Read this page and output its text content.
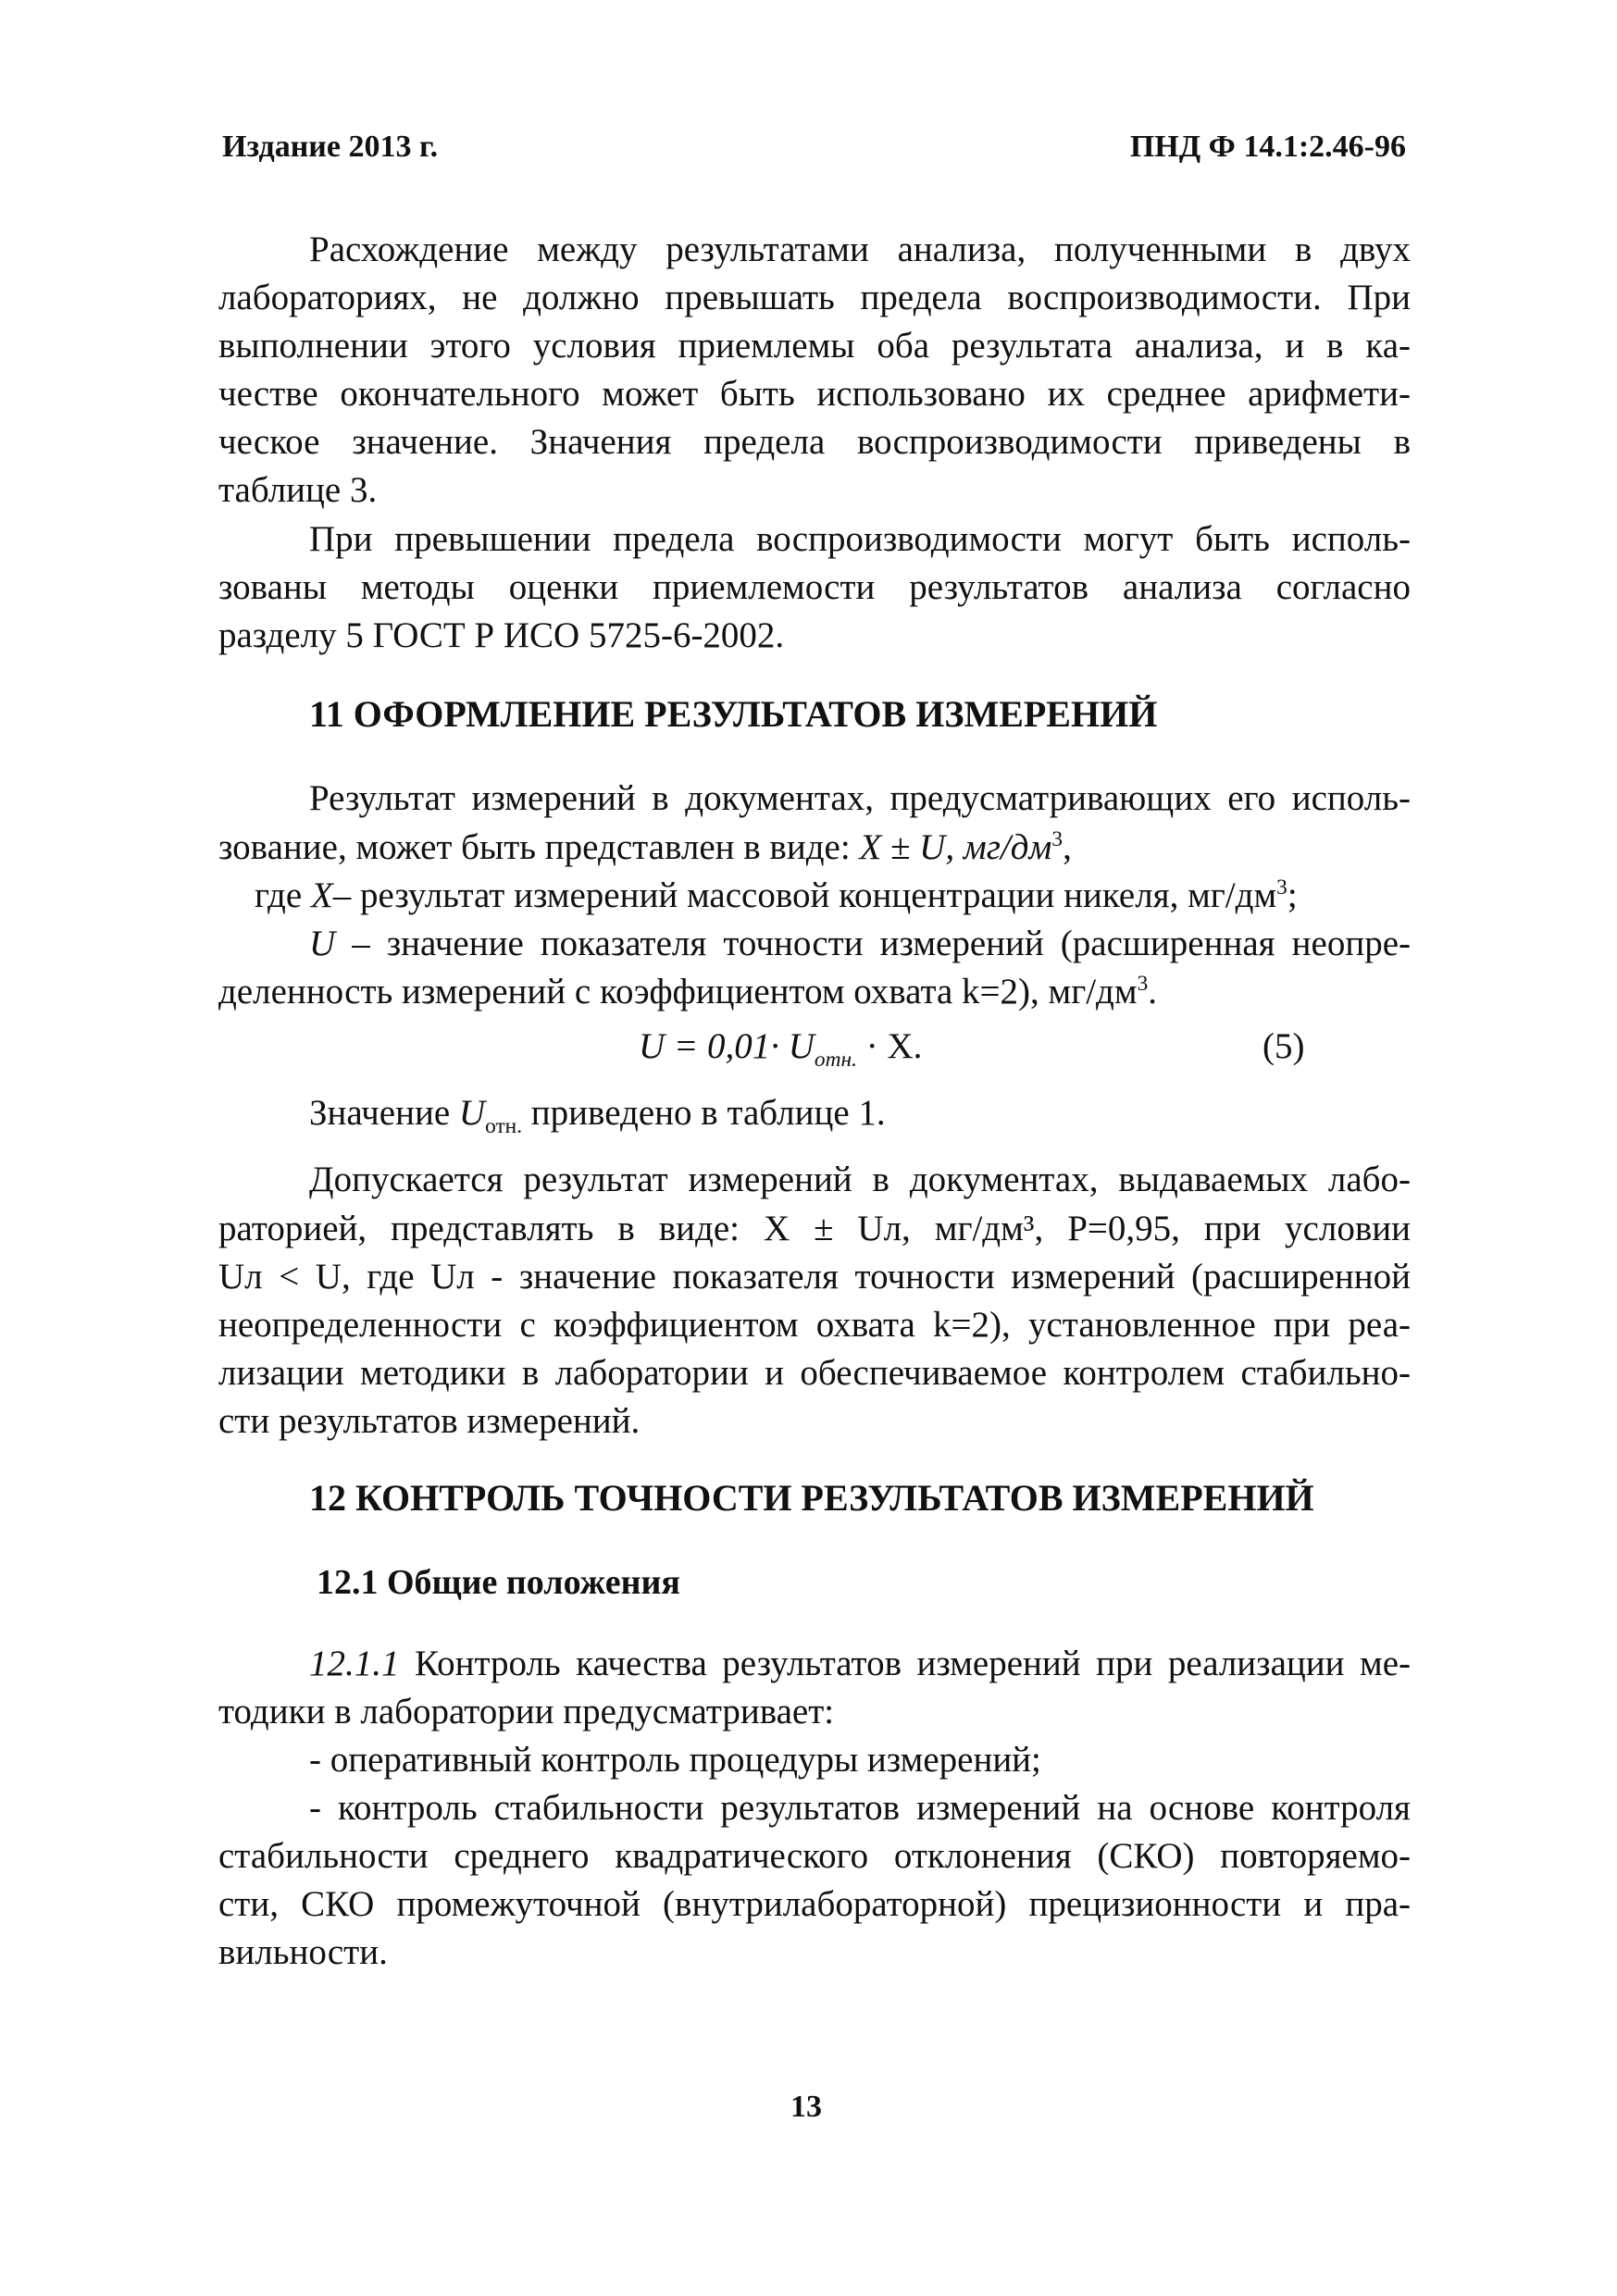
Издание 2013 г.	ПНД Ф 14.1:2.46-96
Расхождение между результатами анализа, полученными в двух
лабораториях, не должно превышать предела воспроизводимости. При
выполнении этого условия приемлемы оба результата анализа, и в ка-
честве окончательного может быть использовано их среднее арифмети-
ческое значение. Значения предела воспроизводимости приведены в
таблице 3.
При превышении предела воспроизводимости могут быть исполь-
зованы методы оценки приемлемости результатов анализа согласно
разделу 5 ГОСТ Р ИСО 5725-6-2002.
11 ОФОРМЛЕНИЕ РЕЗУЛЬТАТОВ ИЗМЕРЕНИЙ
Результат измерений в документах, предусматривающих его исполь-
зование, может быть представлен в виде: X ± U, $мг/дм^3$,
где X– результат измерений массовой концентрации никеля, $мг/дм^3$;
U – значение показателя точности измерений (расширенная неопре-
деленность измерений с коэффициентом охвата k=2), $мг/дм^3$.
$U = 0,01\cdot U_{отн.} \cdot X$.	(5)
Значение $U_{отн.}$ приведено в таблице 1.
Допускается результат измерений в документах, выдаваемых лабо-
раторией, представлять в виде: X ± Uл, мг/дм³, P=0,95, при условии
Uл < U, где Uл - значение показателя точности измерений (расширенной
неопределенности с коэффициентом охвата k=2), установленное при реа-
лизации методики в лаборатории и обеспечиваемое контролем стабильно-
сти результатов измерений.
12 КОНТРОЛЬ ТОЧНОСТИ РЕЗУЛЬТАТОВ ИЗМЕРЕНИЙ
12.1 Общие положения
12.1.1 Контроль качества результатов измерений при реализации ме-
тодики в лаборатории предусматривает:
- оперативный контроль процедуры измерений;
- контроль стабильности результатов измерений на основе контроля
стабильности среднего квадратического отклонения (СКО) повторяемо-
сти, СКО промежуточной (внутрилабораторной) прецизионности и пра-
вильности.
13
